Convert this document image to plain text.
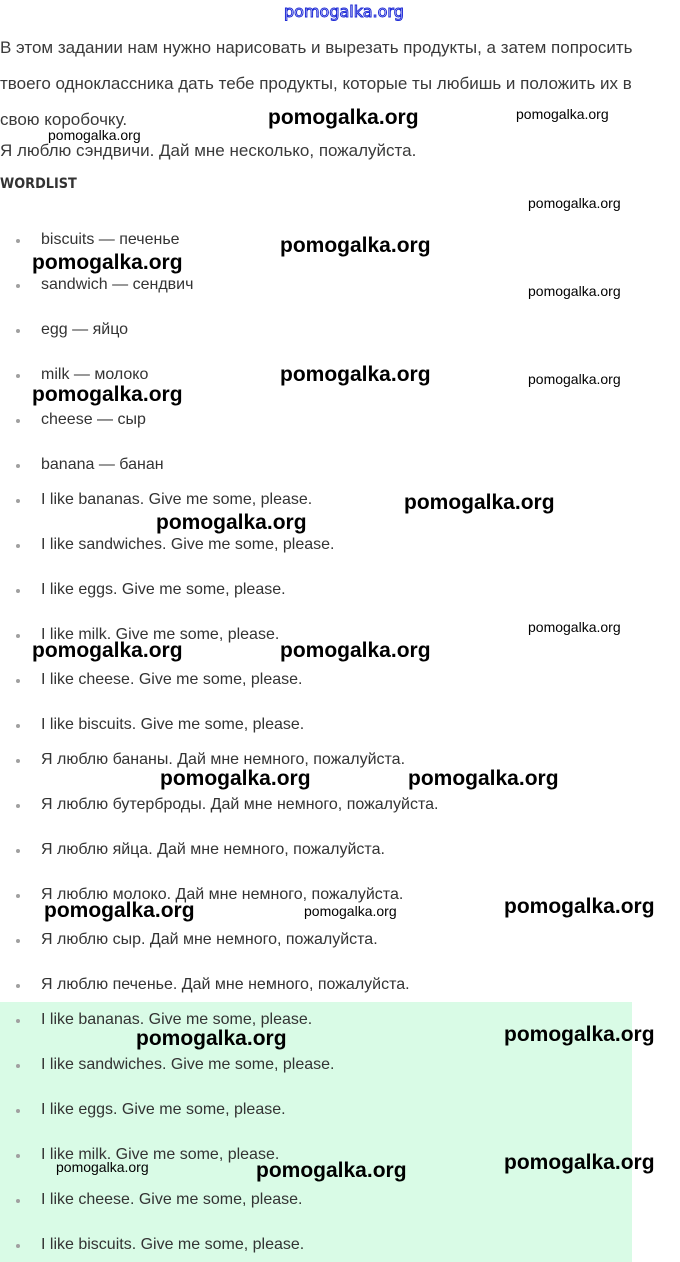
pomogalka.org

В этом задании нам нужно нарисовать и вырезать продукты, а затем попросить твоего одноклассника дать тебе продукты, которые ты любишь и положить их в свою коробочку.

Я люблю сэндвичи. Дай мне несколько, пожалуйста.

WORDLIST
biscuits — печенье
sandwich — сендвич
egg — яйцо
milk — молоко
cheese — сыр
banana — банан
I like bananas. Give me some, please.
I like sandwiches. Give me some, please.
I like eggs. Give me some, please.
I like milk. Give me some, please.
I like cheese. Give me some, please.
I like biscuits. Give me some, please.
Я люблю бананы. Дай мне немного, пожалуйста.
Я люблю бутерброды. Дай мне немного, пожалуйста.
Я люблю яйца. Дай мне немного, пожалуйста.
Я люблю молоко. Дай мне немного, пожалуйста.
Я люблю сыр. Дай мне немного, пожалуйста.
Я люблю печенье. Дай мне немного, пожалуйста.
I like bananas. Give me some, please.
I like sandwiches. Give me some, please.
I like eggs. Give me some, please.
I like milk. Give me some, please.
I like cheese. Give me some, please.
I like biscuits. Give me some, please.
pomogalka.org	pomogalka.org
pomogalka.org
pomogalka.org
pomogalka.org
pomogalka.org
pomogalka.org
pomogalka.org	pomogalka.org
pomogalka.org
pomogalka.org
pomogalka.org
pomogalka.org
pomogalka.org	pomogalka.org
pomogalka.org	pomogalka.org
pomogalka.org	pomogalka.org	pomogalka.org
pomogalka.org
pomogalka.org
pomogalka.org	pomogalka.org	pomogalka.org
